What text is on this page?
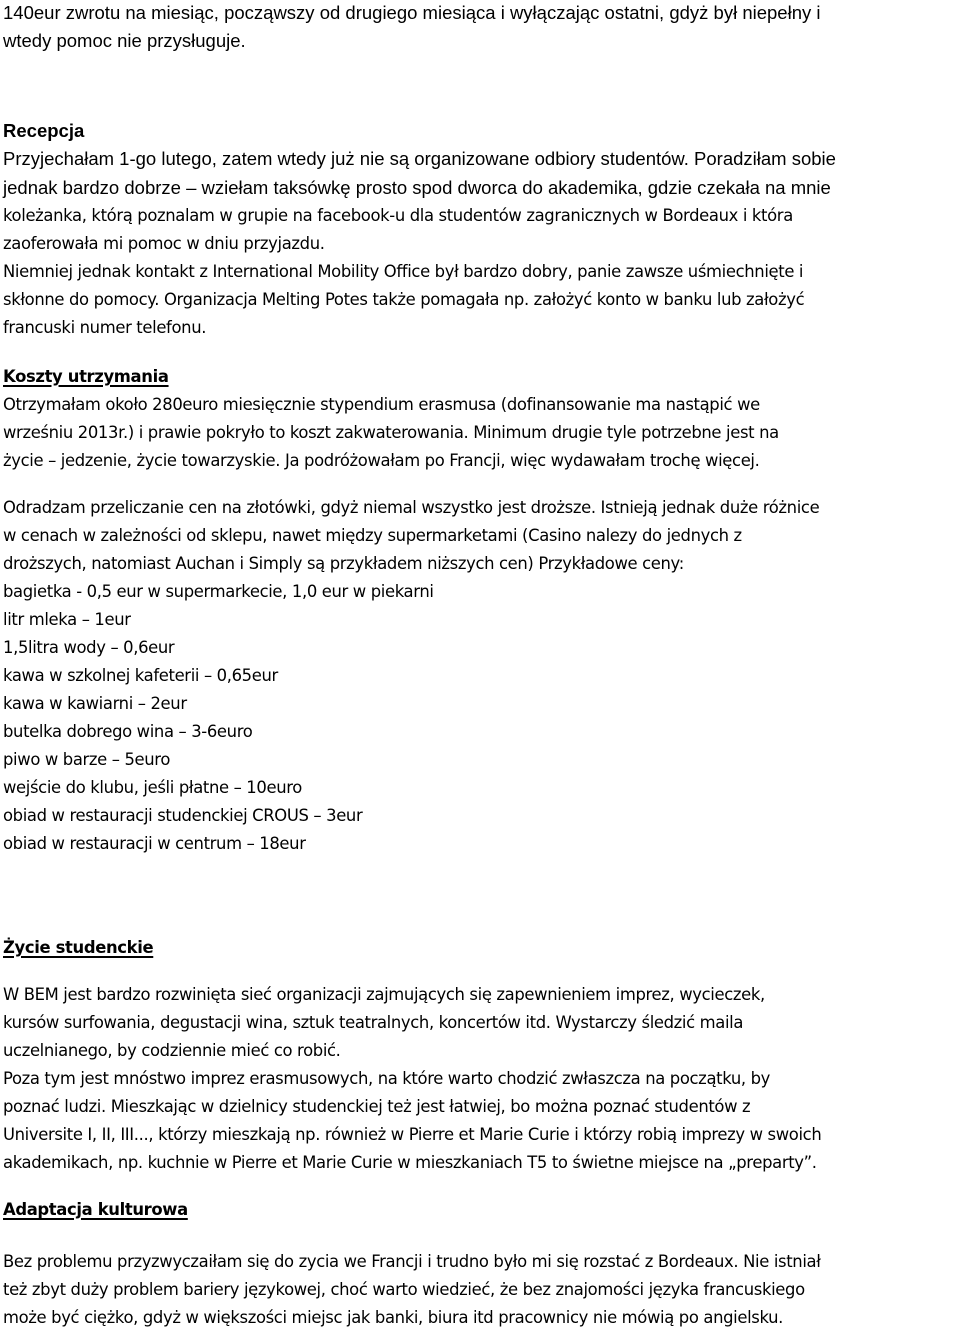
140eur zwrotu na miesiąc, począwszy od drugiego miesiąca i wyłączając ostatni, gdyż był niepełny i
wtedy pomoc nie przysługuje.
Recepcja
Przyjechałam 1-go lutego, zatem wtedy już nie są organizowane odbiory studentów. Poradziłam sobie
jednak bardzo dobrze – wziełam taksówkę prosto spod dworca do akademika, gdzie czekała na mnie
koleżanka, którą poznalam w grupie na facebook-u dla studentów zagranicznych w Bordeaux i która
zaoferowała mi pomoc w dniu przyjazdu.
Niemniej jednak kontakt z International Mobility Office był bardzo dobry, panie zawsze uśmiechnięte i
skłonne do pomocy. Organizacja Melting Potes także pomagała np. założyć konto w banku lub założyć
francuski numer telefonu.
Koszty utrzymania
Otrzymałam około 280euro miesięcznie stypendium erasmusa (dofinansowanie ma nastąpić we
wrześniu 2013r.) i prawie pokryło to koszt zakwaterowania. Minimum drugie tyle potrzebne jest na
życie – jedzenie, życie towarzyskie. Ja podróżowałam po Francji, więc wydawałam trochę więcej.
Odradzam przeliczanie cen na złotówki, gdyż niemal wszystko jest droższe. Istnieją jednak duże różnice
w cenach w zależności od sklepu, nawet między supermarketami (Casino nalezy do jednych z
droższych, natomiast Auchan i Simply są przykładem niższych cen) Przykładowe ceny:
bagietka - 0,5 eur w supermarkecie, 1,0 eur w piekarni
litr mleka – 1eur
1,5litra wody – 0,6eur
kawa w szkolnej kafeterii – 0,65eur
kawa w kawiarni – 2eur
butelka dobrego wina – 3-6euro
piwo w barze – 5euro
wejście do klubu, jeśli płatne – 10euro
obiad w restauracji studenckiej CROUS – 3eur
obiad w restauracji w centrum – 18eur
Życie studenckie
W BEM jest bardzo rozwinięta sieć organizacji zajmujących się zapewnieniem imprez, wycieczek,
kursów surfowania, degustacji wina, sztuk teatralnych, koncertów itd. Wystarczy śledzić maila
uczelnianego, by codziennie mieć co robić.
Poza tym jest mnóstwo imprez erasmusowych, na które warto chodzić zwłaszcza na początku, by
poznać ludzi. Mieszkając w dzielnicy studenckiej też jest łatwiej, bo można poznać studentów z
Universite I, II, III..., którzy mieszkają np. również w Pierre et Marie Curie i którzy robią imprezy w swoich
akademikach, np. kuchnie w Pierre et Marie Curie w mieszkaniach T5 to świetne miejsce na „preparty”.
Adaptacja kulturowa
Bez problemu przyzwyczaiłam się do zycia we Francji i trudno było mi się rozstać z Bordeaux. Nie istniał
też zbyt duży problem bariery językowej, choć warto wiedzieć, że bez znajomości języka francuskiego
może być ciężko, gdyż w większości miejsc jak banki, biura itd pracownicy nie mówią po angielsku.
